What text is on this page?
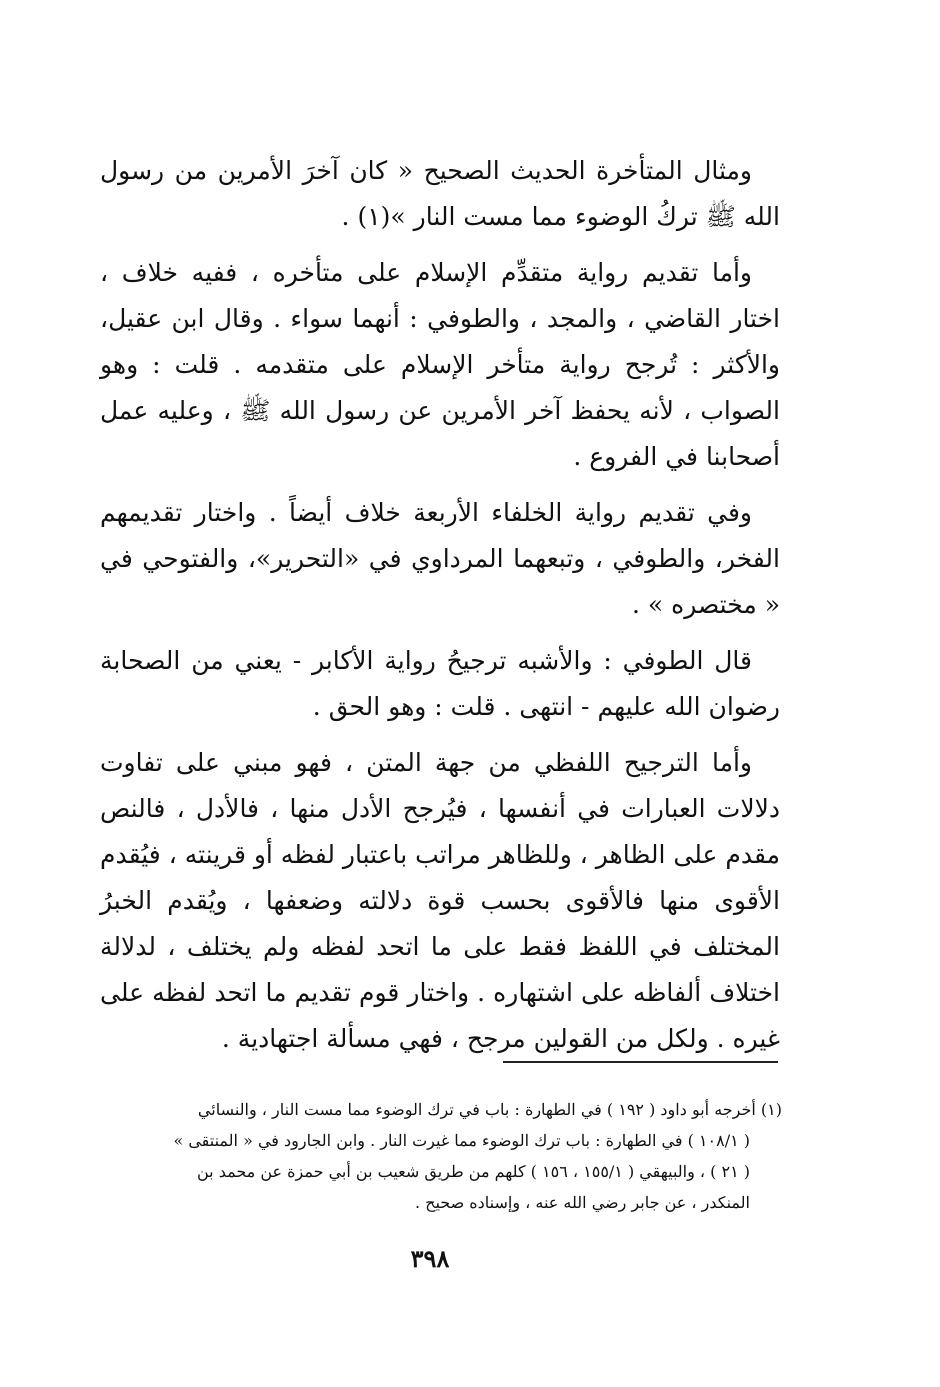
ومثال المتأخرة الحديث الصحيح « كان آخرَ الأمرين من رسول الله ﷺ تركُ الوضوء مما مست النار »(١) .

وأما تقديم رواية متقدِّم الإسلام على متأخره ، ففيه خلاف ، اختار القاضي ، والمجد ، والطوفي : أنهما سواء . وقال ابن عقيل، والأكثر : تُرجح رواية متأخر الإسلام على متقدمه . قلت : وهو الصواب ، لأنه يحفظ آخر الأمرين عن رسول الله ﷺ ، وعليه عمل أصحابنا في الفروع .

وفي تقديم رواية الخلفاء الأربعة خلاف أيضاً . واختار تقديمهم الفخر، والطوفي ، وتبعهما المرداوي في «التحرير»، والفتوحي في « مختصره » .

قال الطوفي : والأشبه ترجيحُ رواية الأكابر - يعني من الصحابة رضوان الله عليهم - انتهى . قلت : وهو الحق .

وأما الترجيح اللفظي من جهة المتن ، فهو مبني على تفاوت دلالات العبارات في أنفسها ، فيُرجح الأدل منها ، فالأدل ، فالنص مقدم على الظاهر ، وللظاهر مراتب باعتبار لفظه أو قرينته ، فيُقدم الأقوى منها فالأقوى بحسب قوة دلالته وضعفها ، ويُقدم الخبرُ المختلف في اللفظ فقط على ما اتحد لفظه ولم يختلف ، لدلالة اختلاف ألفاظه على اشتهاره . واختار قوم تقديم ما اتحد لفظه على غيره . ولكل من القولين مرجح ، فهي مسألة اجتهادية .

(١) أخرجه أبو داود ( ١٩٢ ) في الطهارة : باب في ترك الوضوء مما مست النار ، والنسائي

( ١٠٨/١ ) في الطهارة : باب ترك الوضوء مما غيرت النار . وابن الجارود في « المنتقى »

( ٢١ ) ، والبيهقي ( ١٥٥/١ ، ١٥٦ ) كلهم من طريق شعيب بن أبي حمزة عن محمد بن

المنكدر ، عن جابر رضي الله عنه ، وإسناده صحيح .

٣٩٨
